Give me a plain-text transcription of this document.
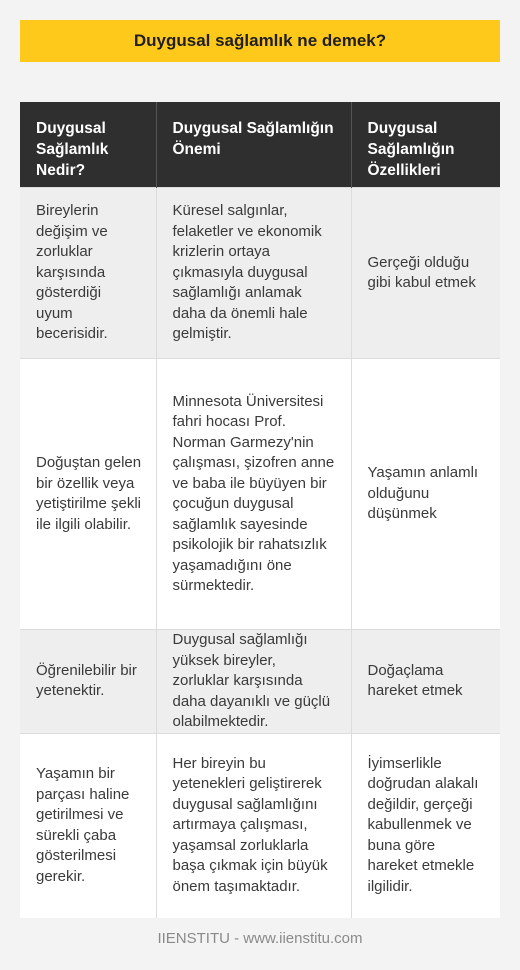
Duygusal sağlamlık ne demek?
Duygusal Sağlamlık Nedir?	Duygusal Sağlamlığın Önemi	Duygusal Sağlamlığın Özellikleri
Bireylerin değişim ve zorluklar karşısında gösterdiği uyum becerisidir.	Küresel salgınlar, felaketler ve ekonomik krizlerin ortaya çıkmasıyla duygusal sağlamlığı anlamak daha da önemli hale gelmiştir.	Gerçeği olduğu gibi kabul etmek
Doğuştan gelen bir özellik veya yetiştirilme şekli ile ilgili olabilir.	Minnesota Üniversitesi fahri hocası Prof. Norman Garmezy'nin çalışması, şizofren anne ve baba ile büyüyen bir çocuğun duygusal sağlamlık sayesinde psikolojik bir rahatsızlık yaşamadığını öne sürmektedir.	Yaşamın anlamlı olduğunu düşünmek
Öğrenilebilir bir yetenektir.	Duygusal sağlamlığı yüksek bireyler, zorluklar karşısında daha dayanıklı ve güçlü olabilmektedir.	Doğaçlama hareket etmek
Yaşamın bir parçası haline getirilmesi ve sürekli çaba gösterilmesi gerekir.	Her bireyin bu yetenekleri geliştirerek duygusal sağlamlığını artırmaya çalışması, yaşamsal zorluklarla başa çıkmak için büyük önem taşımaktadır.	İyimserlikle doğrudan alakalı değildir, gerçeği kabullenmek ve buna göre hareket etmekle ilgilidir.
IIENSTITU - www.iienstitu.com
